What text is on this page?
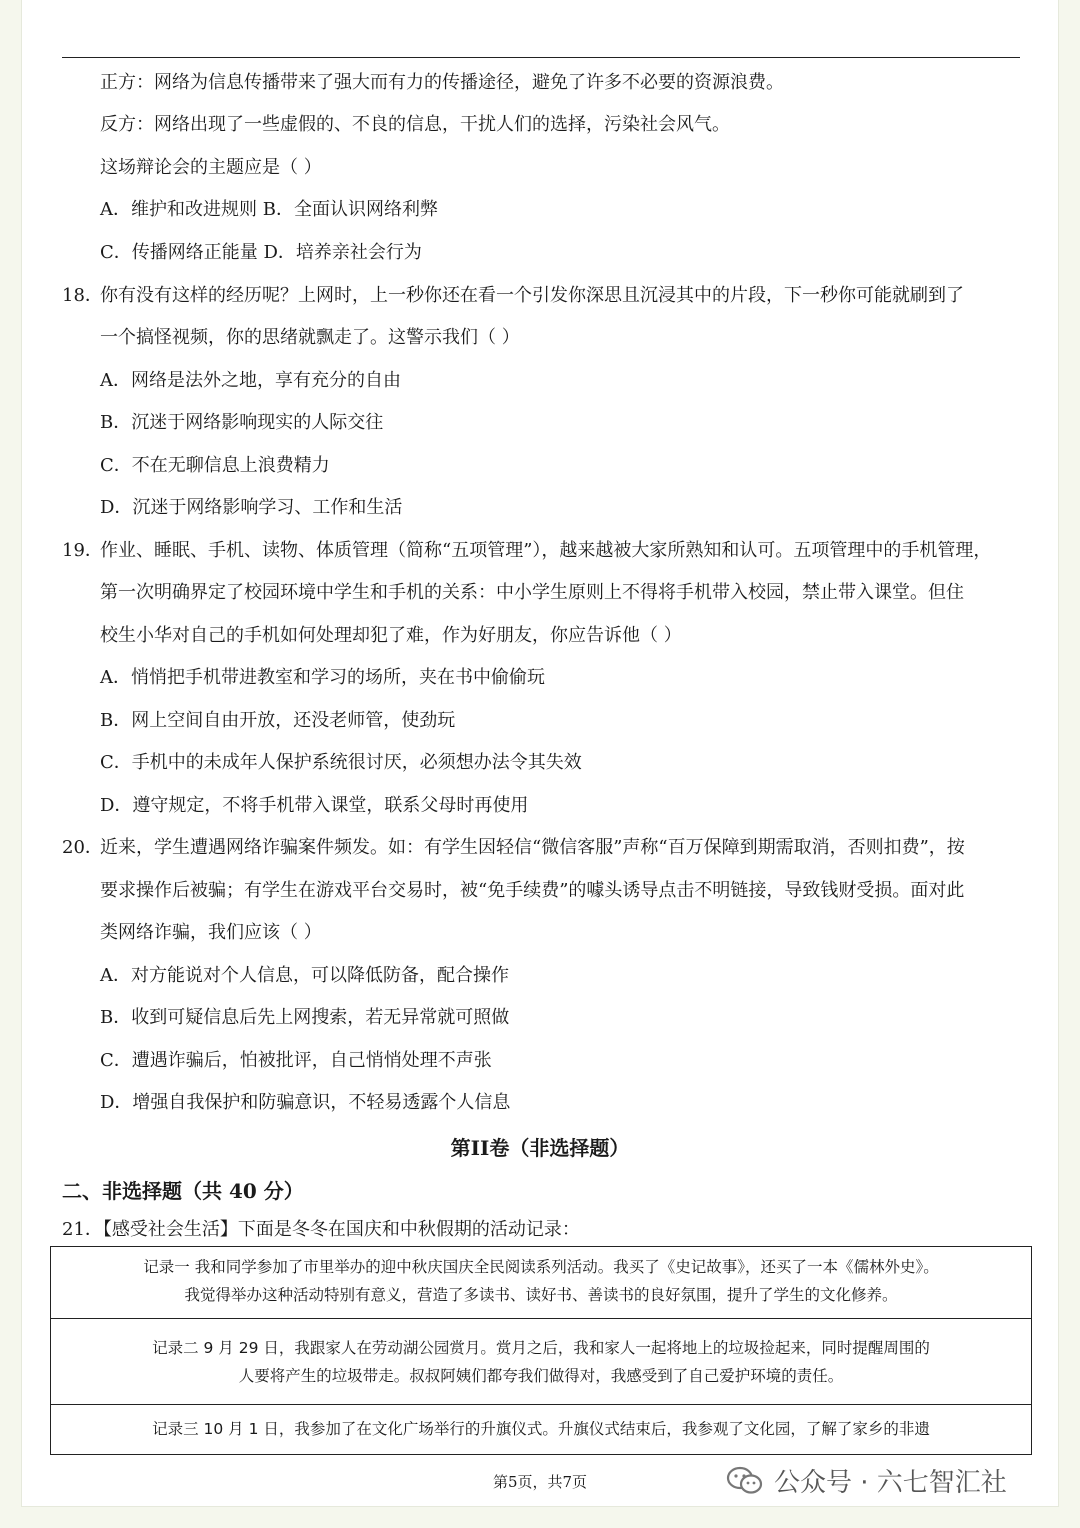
正方：网络为信息传播带来了强大而有力的传播途径，避免了许多不必要的资源浪费。
反方：网络出现了一些虚假的、不良的信息，干扰人们的选择，污染社会风气。
这场辩论会的主题应是（ ）
A．维护和改进规则 B．全面认识网络利弊
C．传播网络正能量 D．培养亲社会行为
18．
你有没有这样的经历呢？上网时，上一秒你还在看一个引发你深思且沉浸其中的片段，下一秒你可能就刷到了
一个搞怪视频，你的思绪就飘走了。这警示我们（ ）
A．网络是法外之地，享有充分的自由
B．沉迷于网络影响现实的人际交往
C．不在无聊信息上浪费精力
D．沉迷于网络影响学习、工作和生活
19．
作业、睡眠、手机、读物、体质管理（简称“五项管理”），越来越被大家所熟知和认可。五项管理中的手机管理，
第一次明确界定了校园环境中学生和手机的关系：中小学生原则上不得将手机带入校园，禁止带入课堂。但住
校生小华对自己的手机如何处理却犯了难，作为好朋友，你应告诉他（ ）
A．悄悄把手机带进教室和学习的场所，夹在书中偷偷玩
B．网上空间自由开放，还没老师管，使劲玩
C．手机中的未成年人保护系统很讨厌，必须想办法令其失效
D．遵守规定，不将手机带入课堂，联系父母时再使用
20．
近来，学生遭遇网络诈骗案件频发。如：有学生因轻信“微信客服”声称“百万保障到期需取消，否则扣费”，按
要求操作后被骗；有学生在游戏平台交易时，被“免手续费”的噱头诱导点击不明链接，导致钱财受损。面对此
类网络诈骗，我们应该（ ）
A．对方能说对个人信息，可以降低防备，配合操作
B．收到可疑信息后先上网搜索，若无异常就可照做
C．遭遇诈骗后，怕被批评，自己悄悄处理不声张
D．增强自我保护和防骗意识，不轻易透露个人信息
第II卷（非选择题）
二、非选择题（共 40 分）
21．【感受社会生活】下面是冬冬在国庆和中秋假期的活动记录：
记录一 我和同学参加了市里举办的迎中秋庆国庆全民阅读系列活动。我买了《史记故事》，还买了一本《儒林外史》。
我觉得举办这种活动特别有意义，营造了多读书、读好书、善读书的良好氛围，提升了学生的文化修养。
记录二 9 月 29 日，我跟家人在劳动湖公园赏月。赏月之后，我和家人一起将地上的垃圾捡起来，同时提醒周围的
人要将产生的垃圾带走。叔叔阿姨们都夸我们做得对，我感受到了自己爱护环境的责任。
记录三 10 月 1 日，我参加了在文化广场举行的升旗仪式。升旗仪式结束后，我参观了文化园，了解了家乡的非遗
第5页，共7页	公众号 · 六七智汇社
